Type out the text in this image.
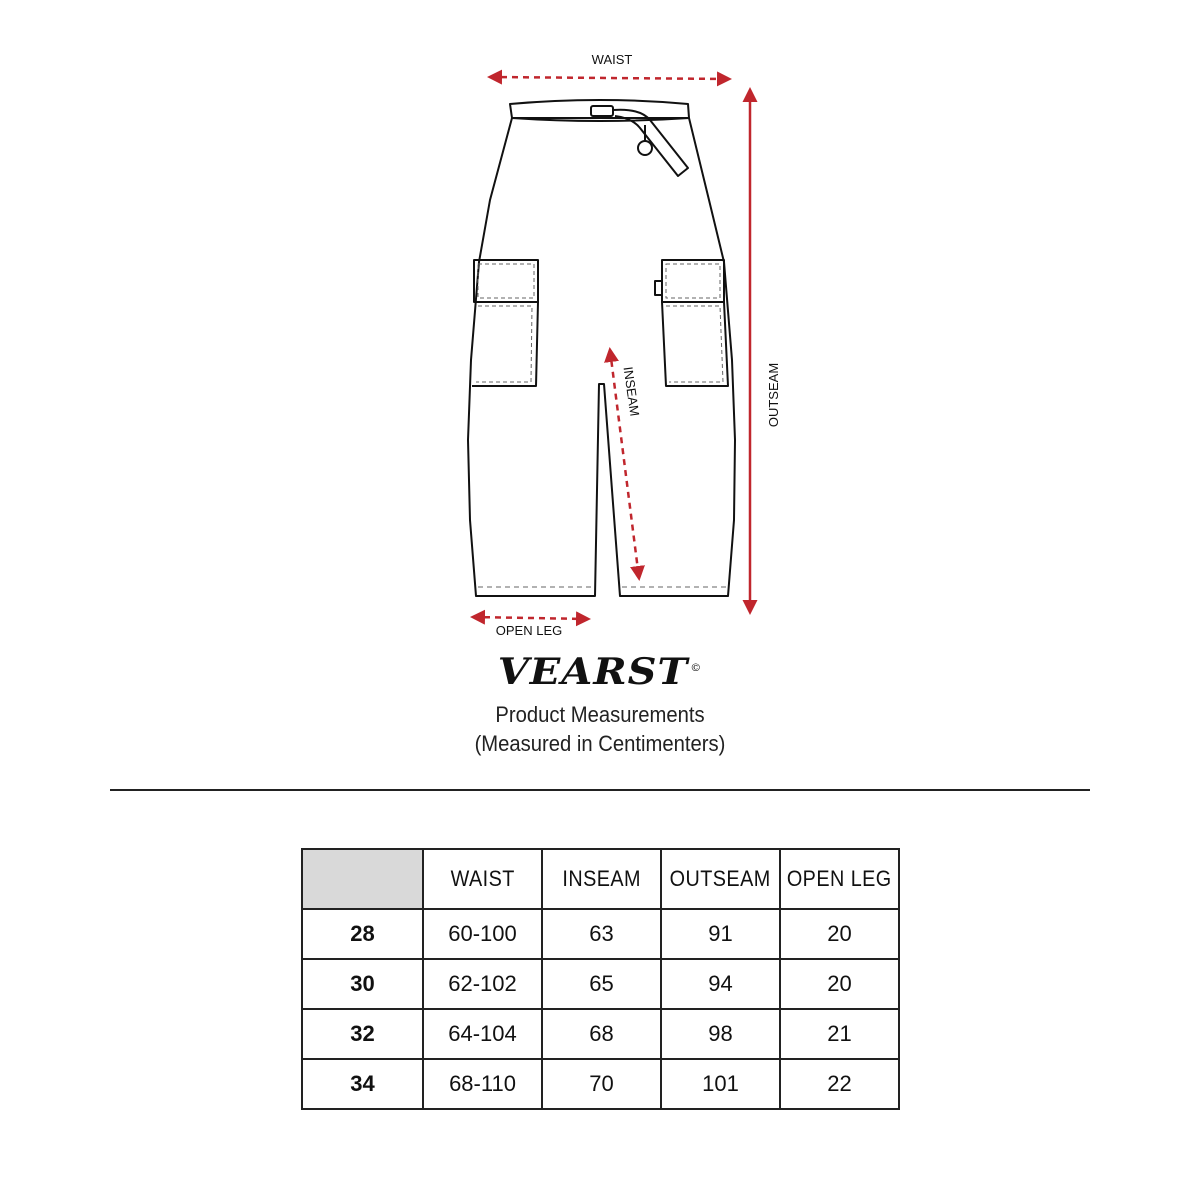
WAIST
OUTSEAM
INSEAM
OPEN LEG
VEARST ©
Product Measurements
(Measured in Centimenters)
	WAIST	INSEAM	OUTSEAM	OPEN LEG
28	60-100	63	91	20
30	62-102	65	94	20
32	64-104	68	98	21
34	68-110	70	101	22
